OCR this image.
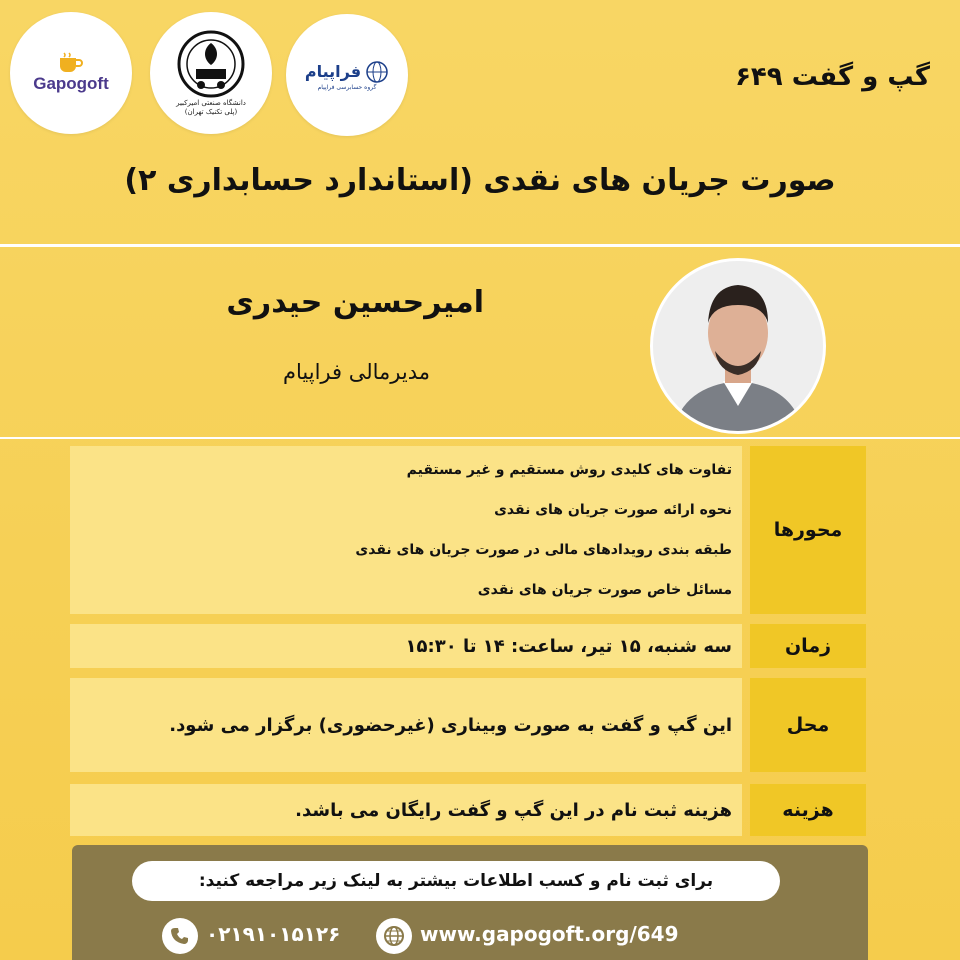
Gapogoft
دانشگاه صنعتی امیرکبیر
(پلی تکنیک تهران)
فراپیام
گروه حسابرسی فراپیام	گپ و گفت ۶۴۹
صورت جریان های نقدی (استاندارد حسابداری ۲)
امیرحسین حیدری
مدیرمالی فراپیام
محورها
تفاوت های کلیدی روش مستقیم و غیر مستقیم
نحوه ارائه صورت جریان های نقدی
طبقه بندی رویدادهای مالی در صورت جریان های نقدی
مسائل خاص صورت جریان های نقدی
زمان
سه شنبه، ۱۵ تیر، ساعت: ۱۴ تا ۱۵:۳۰
محل
این گپ و گفت به صورت وبیناری (غیرحضوری) برگزار می شود.
هزینه
هزینه ثبت نام در این گپ و گفت رایگان می باشد.
برای ثبت نام و کسب اطلاعات بیشتر به لینک زیر مراجعه کنید:
۰۲۱۹۱۰۱۵۱۲۶	www.gapogoft.org/649
